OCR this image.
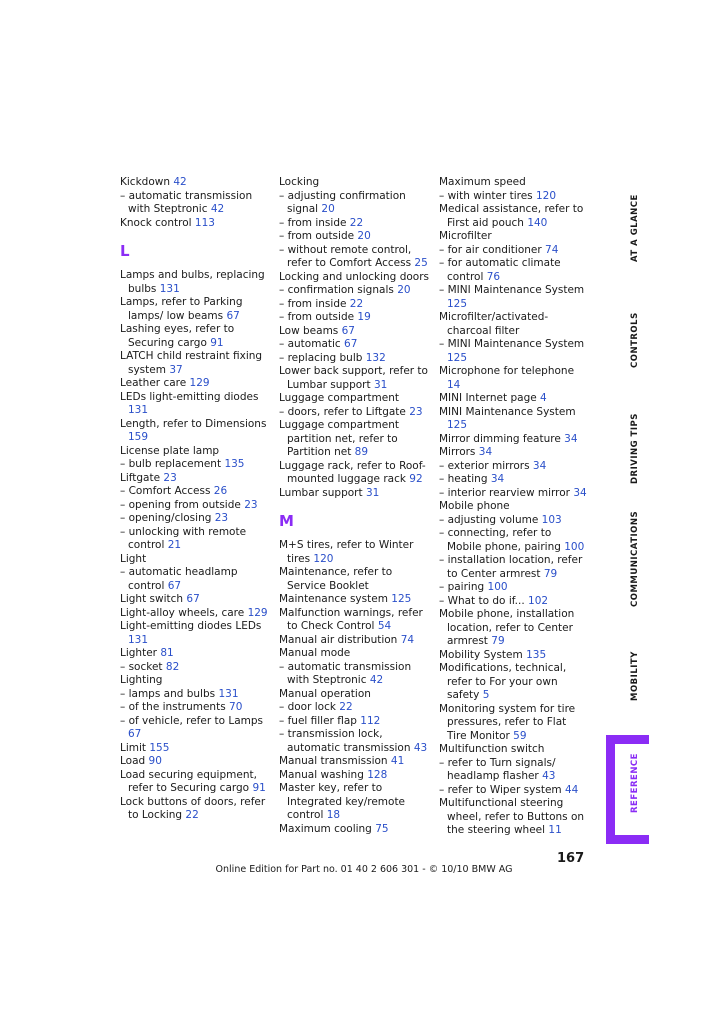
Kickdown 42
– automatic transmission with Steptronic 42
Knock control 113
L
Lamps and bulbs, replacing bulbs 131
Lamps, refer to Parking lamps/ low beams 67
Lashing eyes, refer to Securing cargo 91
LATCH child restraint fixing system 37
Leather care 129
LEDs light-emitting diodes 131
Length, refer to Dimensions 159
License plate lamp
– bulb replacement 135
Liftgate 23
– Comfort Access 26
– opening from outside 23
– opening/closing 23
– unlocking with remote control 21
Light
– automatic headlamp control 67
Light switch 67
Light-alloy wheels, care 129
Light-emitting diodes LEDs 131
Lighter 81
– socket 82
Lighting
– lamps and bulbs 131
– of the instruments 70
– of vehicle, refer to Lamps 67
Limit 155
Load 90
Load securing equipment, refer to Securing cargo 91
Lock buttons of doors, refer to Locking 22
Locking
– adjusting confirmation signal 20
– from inside 22
– from outside 20
– without remote control, refer to Comfort Access 25
Locking and unlocking doors
– confirmation signals 20
– from inside 22
– from outside 19
Low beams 67
– automatic 67
– replacing bulb 132
Lower back support, refer to Lumbar support 31
Luggage compartment
– doors, refer to Liftgate 23
Luggage compartment partition net, refer to Partition net 89
Luggage rack, refer to Roof-mounted luggage rack 92
Lumbar support 31
M
M+S tires, refer to Winter tires 120
Maintenance, refer to Service Booklet
Maintenance system 125
Malfunction warnings, refer to Check Control 54
Manual air distribution 74
Manual mode
– automatic transmission with Steptronic 42
Manual operation
– door lock 22
– fuel filler flap 112
– transmission lock, automatic transmission 43
Manual transmission 41
Manual washing 128
Master key, refer to Integrated key/remote control 18
Maximum cooling 75
Maximum speed
– with winter tires 120
Medical assistance, refer to First aid pouch 140
Microfilter
– for air conditioner 74
– for automatic climate control 76
– MINI Maintenance System 125
Microfilter/activated-charcoal filter
– MINI Maintenance System 125
Microphone for telephone 14
MINI Internet page 4
MINI Maintenance System 125
Mirror dimming feature 34
Mirrors 34
– exterior mirrors 34
– heating 34
– interior rearview mirror 34
Mobile phone
– adjusting volume 103
– connecting, refer to Mobile phone, pairing 100
– installation location, refer to Center armrest 79
– pairing 100
– What to do if... 102
Mobile phone, installation location, refer to Center armrest 79
Mobility System 135
Modifications, technical, refer to For your own safety 5
Monitoring system for tire pressures, refer to Flat Tire Monitor 59
Multifunction switch
– refer to Turn signals/ headlamp flasher 43
– refer to Wiper system 44
Multifunctional steering wheel, refer to Buttons on the steering wheel 11
AT A GLANCE
CONTROLS
DRIVING TIPS
COMMUNICATIONS
MOBILITY
REFERENCE
167
Online Edition for Part no. 01 40 2 606 301 - © 10/10 BMW AG
